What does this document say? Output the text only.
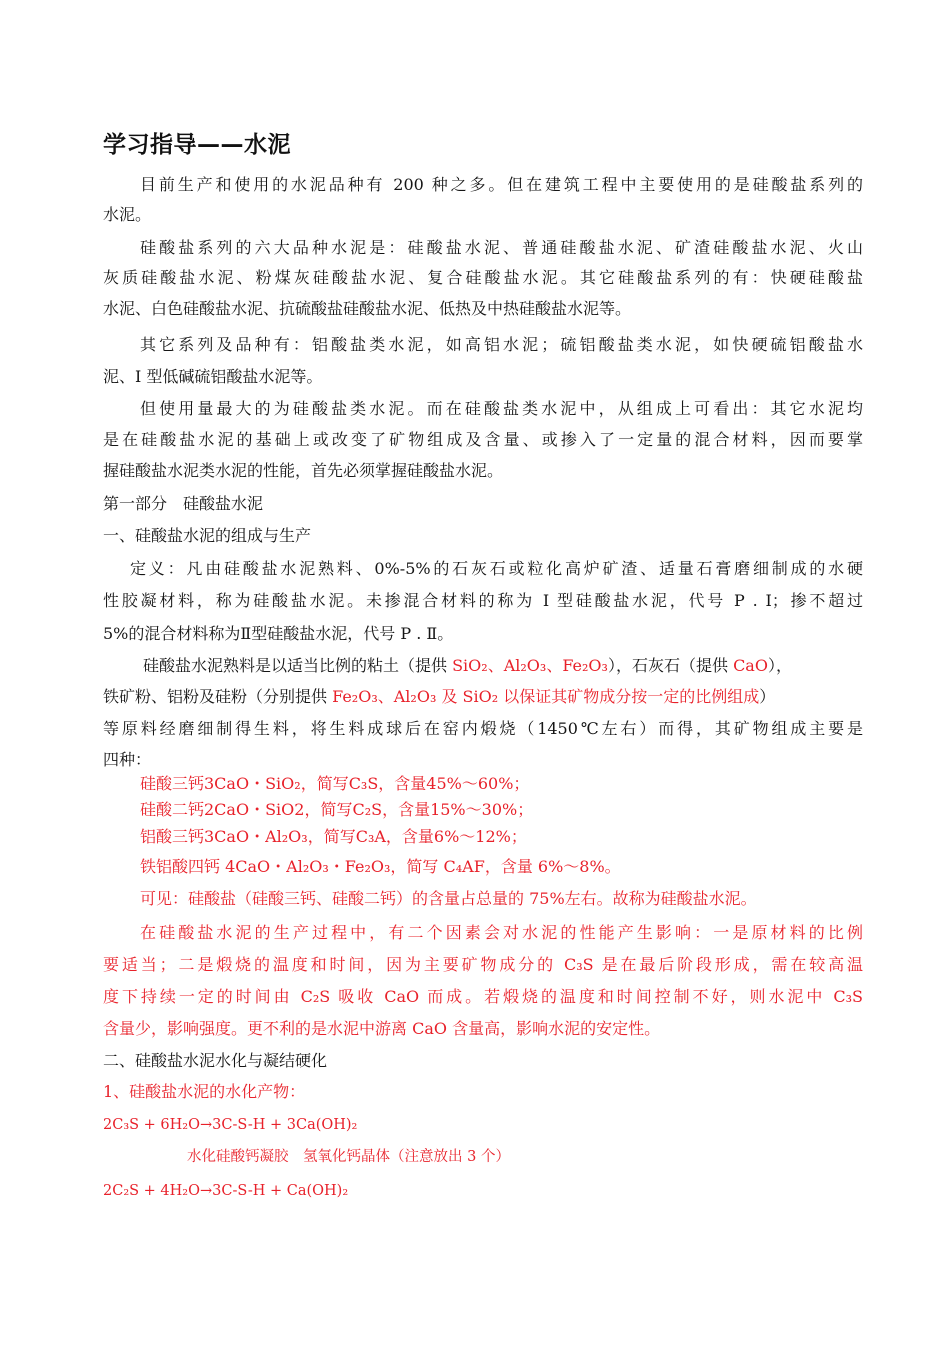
学习指导——水泥
目前生产和使用的水泥品种有 200 种之多。但在建筑工程中主要使用的是硅酸盐系列的
水泥。
硅酸盐系列的六大品种水泥是：硅酸盐水泥、普通硅酸盐水泥、矿渣硅酸盐水泥、火山
灰质硅酸盐水泥、粉煤灰硅酸盐水泥、复合硅酸盐水泥。其它硅酸盐系列的有：快硬硅酸盐
水泥、白色硅酸盐水泥、抗硫酸盐硅酸盐水泥、低热及中热硅酸盐水泥等。
其它系列及品种有：铝酸盐类水泥，如高铝水泥；硫铝酸盐类水泥，如快硬硫铝酸盐水
泥、I 型低碱硫铝酸盐水泥等。
但使用量最大的为硅酸盐类水泥。而在硅酸盐类水泥中，从组成上可看出：其它水泥均
是在硅酸盐水泥的基础上或改变了矿物组成及含量、或掺入了一定量的混合材料，因而要掌
握硅酸盐水泥类水泥的性能，首先必须掌握硅酸盐水泥。
第一部分　硅酸盐水泥
一、硅酸盐水泥的组成与生产
定义：凡由硅酸盐水泥熟料、0%-5%的石灰石或粒化高炉矿渣、适量石膏磨细制成的水硬
性胶凝材料，称为硅酸盐水泥。未掺混合材料的称为 I 型硅酸盐水泥，代号 P . I；掺不超过
5%的混合材料称为Ⅱ型硅酸盐水泥，代号 P . Ⅱ。
硅酸盐水泥熟料是以适当比例的粘土（提供 SiO₂、Al₂O₃、Fe₂O₃），石灰石（提供 CaO），
铁矿粉、铝粉及硅粉（分别提供 Fe₂O₃、Al₂O₃ 及 SiO₂ 以保证其矿物成分按一定的比例组成）
等原料经磨细制得生料，将生料成球后在窑内煅烧（1450℃左右）而得，其矿物组成主要是
四种：
硅酸三钙3CaO・SiO₂，简写C₃S，含量45%～60%；
硅酸二钙2CaO・SiO2，简写C₂S，含量15%～30%；
铝酸三钙3CaO・Al₂O₃，简写C₃A，含量6%～12%；
铁铝酸四钙 4CaO・Al₂O₃・Fe₂O₃，简写 C₄AF，含量 6%～8%。
可见：硅酸盐（硅酸三钙、硅酸二钙）的含量占总量的 75%左右。故称为硅酸盐水泥。
在硅酸盐水泥的生产过程中，有二个因素会对水泥的性能产生影响：一是原材料的比例
要适当；二是煅烧的温度和时间，因为主要矿物成分的 C₃S 是在最后阶段形成，需在较高温
度下持续一定的时间由 C₂S 吸收 CaO 而成。若煅烧的温度和时间控制不好，则水泥中 C₃S
含量少，影响强度。更不利的是水泥中游离 CaO 含量高，影响水泥的安定性。
二、硅酸盐水泥水化与凝结硬化
1、硅酸盐水泥的水化产物：
2C₃S + 6H₂O→3C-S-H + 3Ca(OH)₂
水化硅酸钙凝胶　氢氧化钙晶体（注意放出 3 个）
2C₂S + 4H₂O→3C-S-H + Ca(OH)₂
